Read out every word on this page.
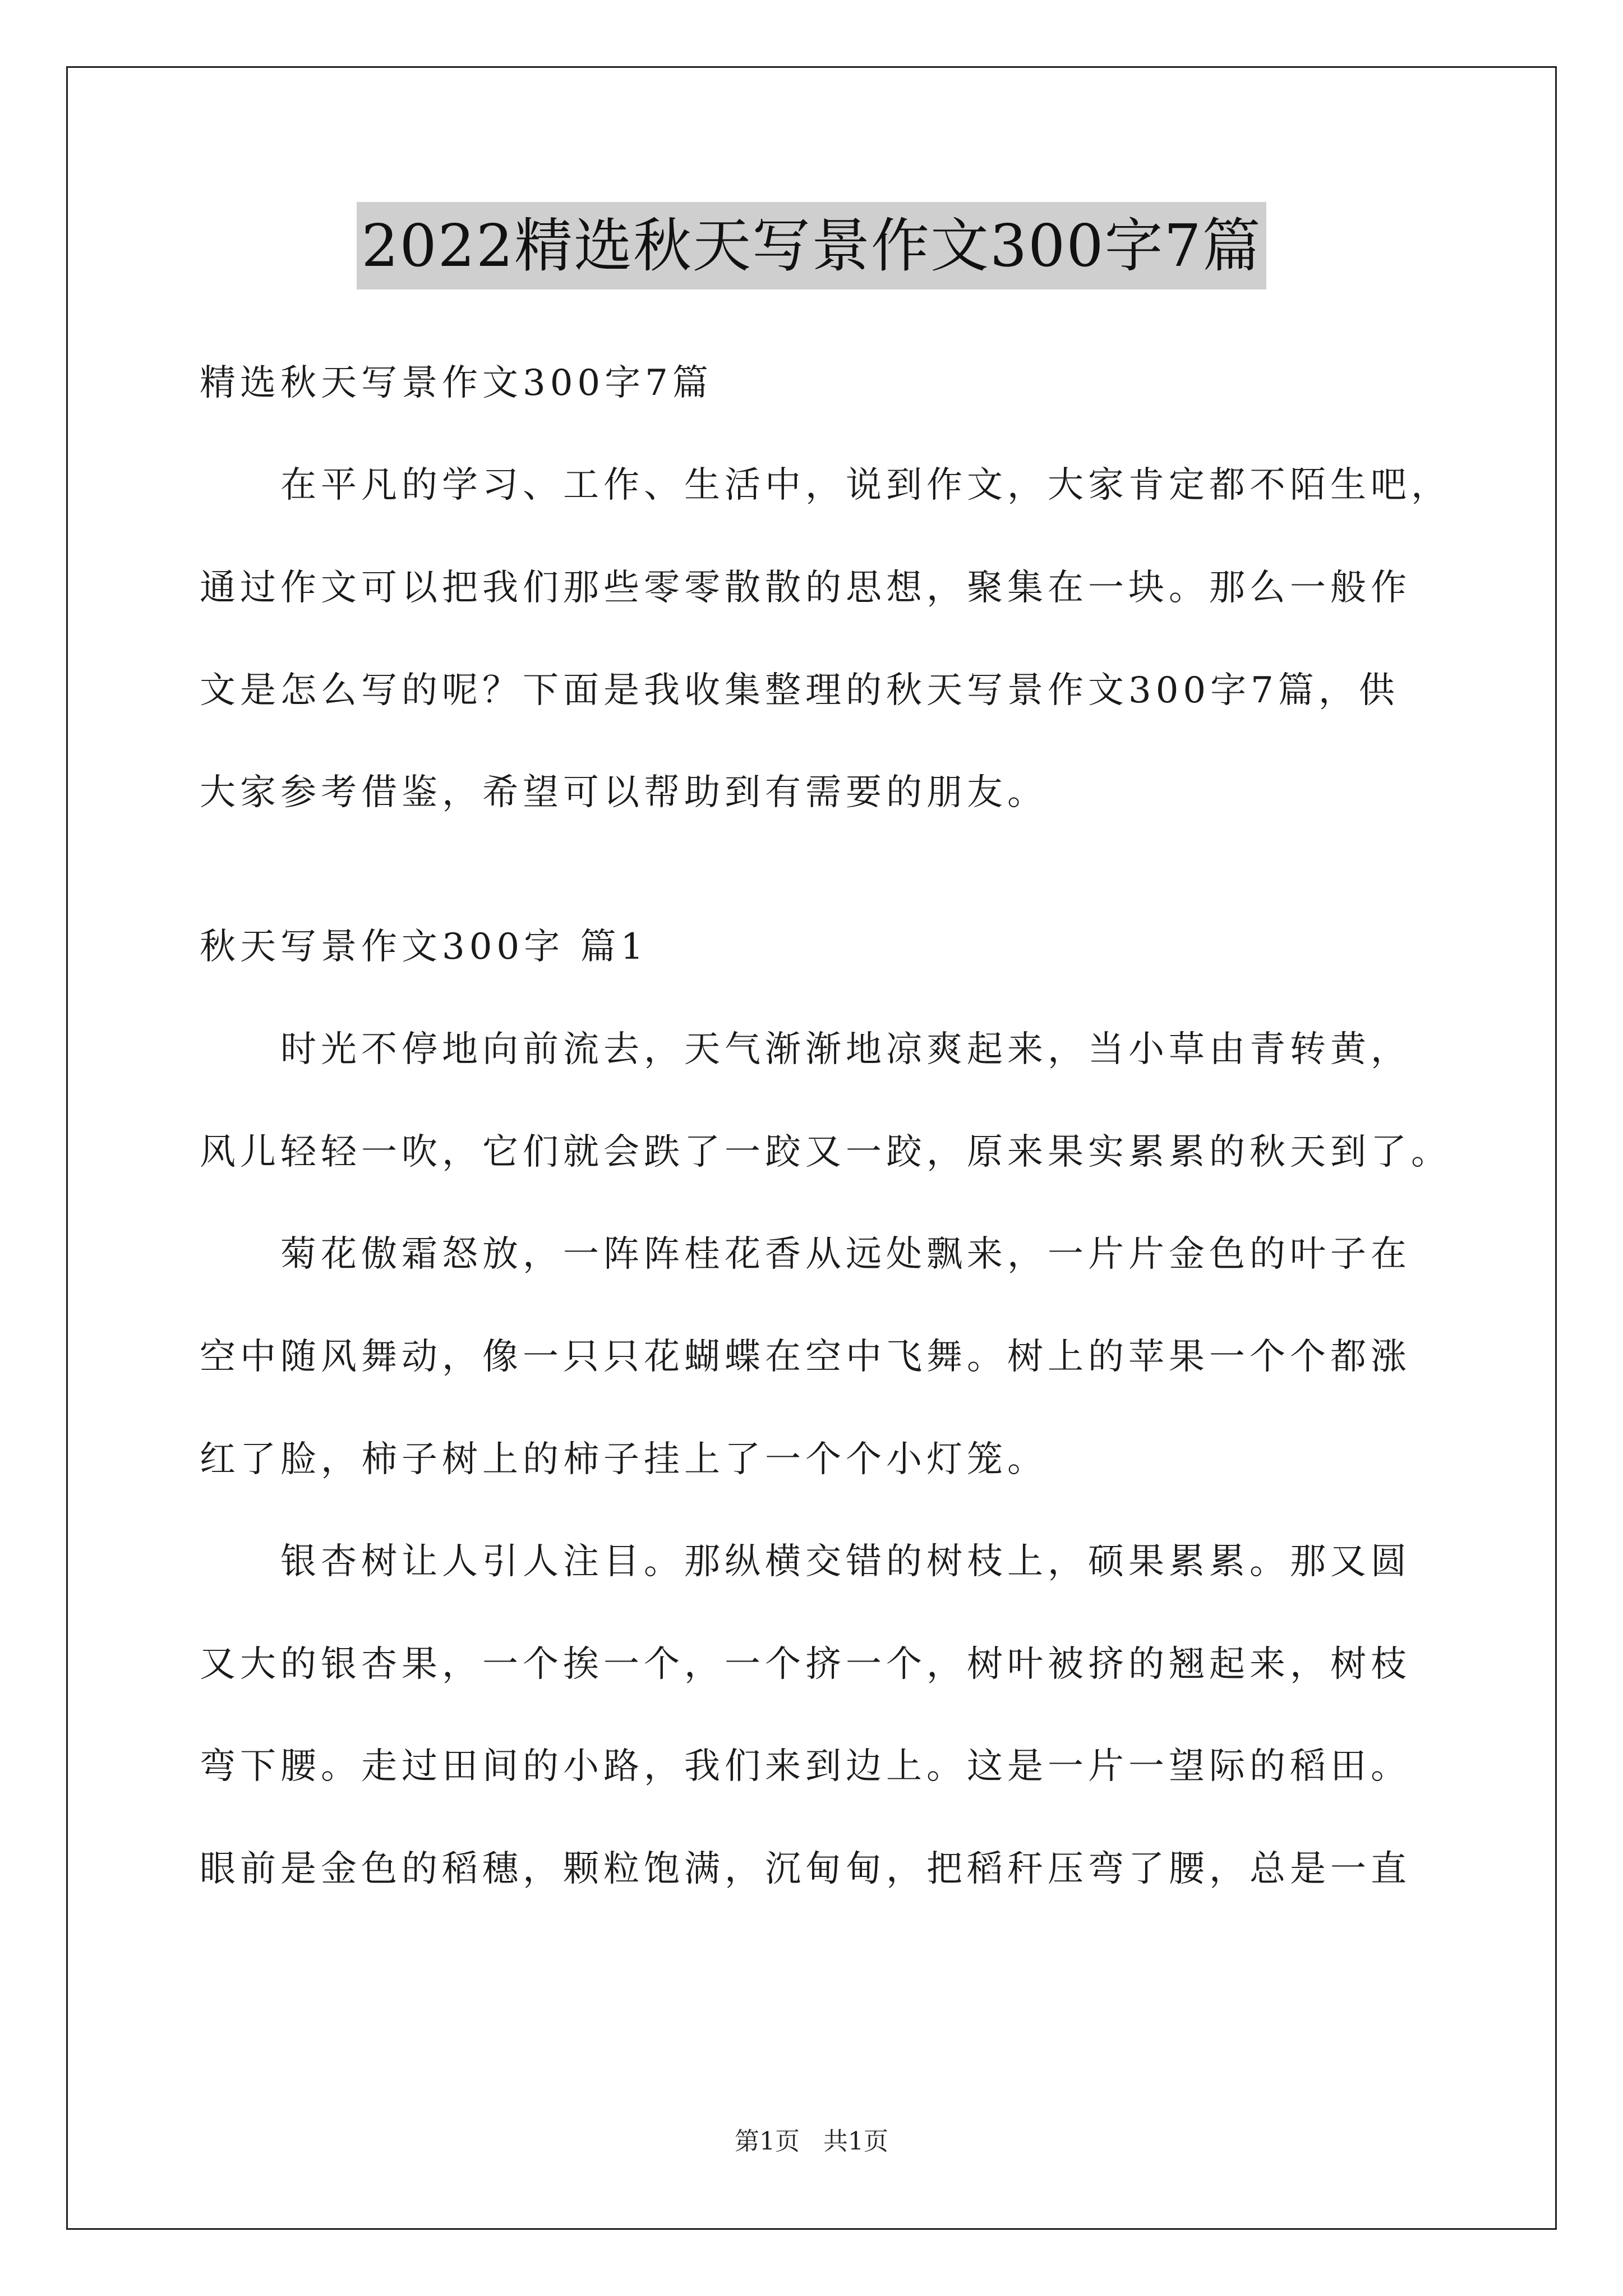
2022精选秋天写景作文300字7篇
精选秋天写景作文300字7篇
在平凡的学习、工作、生活中，说到作文，大家肯定都不陌生吧，
通过作文可以把我们那些零零散散的思想，聚集在一块。那么一般作
文是怎么写的呢？下面是我收集整理的秋天写景作文300字7篇，供
大家参考借鉴，希望可以帮助到有需要的朋友。
秋天写景作文300字 篇1
时光不停地向前流去，天气渐渐地凉爽起来，当小草由青转黄，
风儿轻轻一吹，它们就会跌了一跤又一跤，原来果实累累的秋天到了。
菊花傲霜怒放，一阵阵桂花香从远处飘来，一片片金色的叶子在
空中随风舞动，像一只只花蝴蝶在空中飞舞。树上的苹果一个个都涨
红了脸，柿子树上的柿子挂上了一个个小灯笼。
银杏树让人引人注目。那纵横交错的树枝上，硕果累累。那又圆
又大的银杏果，一个挨一个，一个挤一个，树叶被挤的翘起来，树枝
弯下腰。走过田间的小路，我们来到边上。这是一片一望际的稻田。
眼前是金色的稻穗，颗粒饱满，沉甸甸，把稻秆压弯了腰，总是一直
第1页 共1页
